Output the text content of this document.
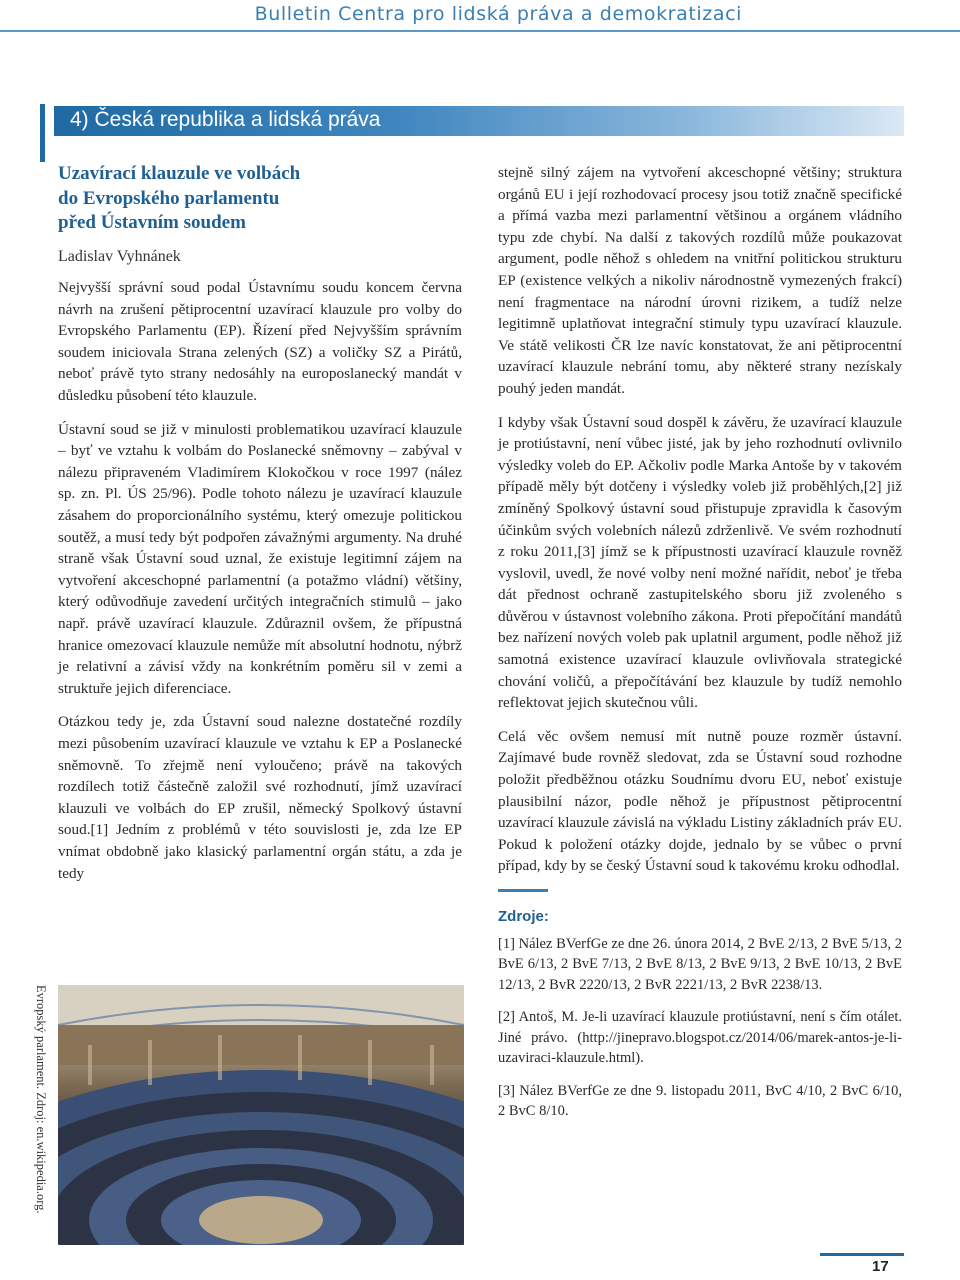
Bulletin Centra pro lidská práva a demokratizaci
4) Česká republika a lidská práva
Uzavírací klauzule ve volbách
do Evropského parlamentu
před Ústavním soudem
Ladislav Vyhnánek

Nejvyšší správní soud podal Ústavnímu soudu koncem června návrh na zrušení pětiprocentní uzavírací klauzule pro volby do Evropského Parlamentu (EP). Řízení před Nejvyšším správním soudem iniciovala Strana zelených (SZ) a voličky SZ a Pirátů, neboť právě tyto strany nedosáhly na europoslanecký mandát v důsledku působení této klauzule.

Ústavní soud se již v minulosti problematikou uzavírací klauzule – byť ve vztahu k volbám do Poslanecké sněmovny – zabýval v nálezu připraveném Vladimírem Klokočkou v roce 1997 (nález sp. zn. Pl. ÚS 25/96). Podle tohoto nálezu je uzavírací klauzule zásahem do proporcionálního systému, který omezuje politickou soutěž, a musí tedy být podpořen závažnými argumenty. Na druhé straně však Ústavní soud uznal, že existuje legitimní zájem na vytvoření akceschopné parlamentní (a potažmo vládní) většiny, který odůvodňuje zavedení určitých integračních stimulů – jako např. právě uzavírací klauzule. Zdůraznil ovšem, že přípustná hranice omezovací klauzule nemůže mít absolutní hodnotu, nýbrž je relativní a závisí vždy na konkrétním poměru sil v zemi a struktuře jejich diferenciace.

Otázkou tedy je, zda Ústavní soud nalezne dostatečné rozdíly mezi působením uzavírací klauzule ve vztahu k EP a Poslanecké sněmovně. To zřejmě není vyloučeno; právě na takových rozdílech totiž částečně založil své rozhodnutí, jímž uzavírací klauzuli ve volbách do EP zrušil, německý Spolkový ústavní soud.[1] Jedním z problémů v této souvislosti je, zda lze EP vnímat obdobně jako klasický parlamentní orgán státu, a zda je tedy

Evropský parlament. Zdroj: en.wikipedia.org.

stejně silný zájem na vytvoření akceschopné většiny; struktura orgánů EU i její rozhodovací procesy jsou totiž značně specifické a přímá vazba mezi parlamentní většinou a orgánem vládního typu zde chybí. Na další z takových rozdílů může poukazovat argument, podle něhož s ohledem na vnitřní politickou strukturu EP (existence velkých a nikoliv národnostně vymezených frakcí) není fragmentace na národní úrovni rizikem, a tudíž nelze legitimně uplatňovat integrační stimuly typu uzavírací klauzule. Ve státě velikosti ČR lze navíc konstatovat, že ani pětiprocentní uzavírací klauzule nebrání tomu, aby některé strany nezískaly pouhý jeden mandát.

I kdyby však Ústavní soud dospěl k závěru, že uzavírací klauzule je protiústavní, není vůbec jisté, jak by jeho rozhodnutí ovlivnilo výsledky voleb do EP. Ačkoliv podle Marka Antoše by v takovém případě měly být dotčeny i výsledky voleb již proběhlých,[2] již zmíněný Spolkový ústavní soud přistupuje zpravidla k časovým účinkům svých volebních nálezů zdrženlivě. Ve svém rozhodnutí z roku 2011,[3] jímž se k přípustnosti uzavírací klauzule rovněž vyslovil, uvedl, že nové volby není možné nařídit, neboť je třeba dát přednost ochraně zastupitelského sboru již zvoleného s důvěrou v ústavnost volebního zákona. Proti přepočítání mandátů bez nařízení nových voleb pak uplatnil argument, podle něhož již samotná existence uzavírací klauzule ovlivňovala strategické chování voličů, a přepočítávání bez klauzule by tudíž nemohlo reflektovat jejich skutečnou vůli.

Celá věc ovšem nemusí mít nutně pouze rozměr ústavní. Zajímavé bude rovněž sledovat, zda se Ústavní soud rozhodne položit předběžnou otázku Soudnímu dvoru EU, neboť existuje plausibilní názor, podle něhož je přípustnost pětiprocentní uzavírací klauzule závislá na výkladu Listiny základních práv EU. Pokud k položení otázky dojde, jednalo by se vůbec o první případ, kdy by se český Ústavní soud k takovému kroku odhodlal.

Zdroje:

[1] Nález BVerfGe ze dne 26. února 2014, 2 BvE 2/13, 2 BvE 5/13, 2 BvE 6/13, 2 BvE 7/13, 2 BvE 8/13, 2 BvE 9/13, 2 BvE 10/13, 2 BvE 12/13, 2 BvR 2220/13, 2 BvR 2221/13, 2 BvR 2238/13.

[2] Antoš, M. Je-li uzavírací klauzule protiústavní, není s čím otálet. Jiné právo. (http://jinepravo.blogspot.cz/2014/06/marek-antos-je-li-uzaviraci-klauzule.html).

[3] Nález BVerfGe ze dne 9. listopadu 2011, BvC 4/10, 2 BvC 6/10, 2 BvC 8/10.

17
